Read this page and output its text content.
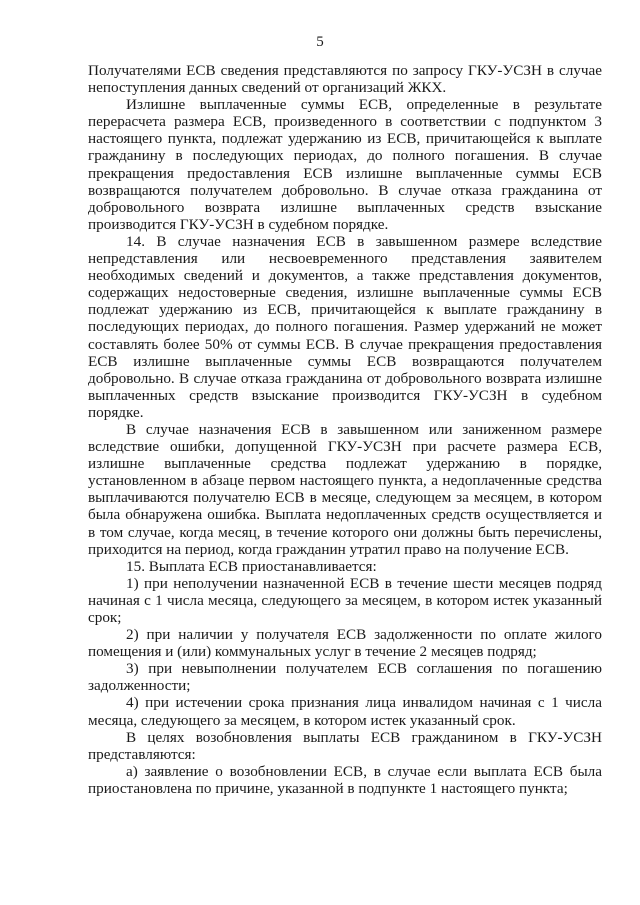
5

Получателями ЕСВ сведения представляются по запросу ГКУ-УСЗН в случае непоступления данных сведений от организаций ЖКХ.

Излишне выплаченные суммы ЕСВ, определенные в результате перерасчета размера ЕСВ, произведенного в соответствии с подпунктом 3 настоящего пункта, подлежат удержанию из ЕСВ, причитающейся к выплате гражданину в последующих периодах, до полного погашения. В случае прекращения предоставления ЕСВ излишне выплаченные суммы ЕСВ возвращаются получателем добровольно. В случае отказа гражданина от добровольного возврата излишне выплаченных средств взыскание производится ГКУ-УСЗН в судебном порядке.

14. В случае назначения ЕСВ в завышенном размере вследствие непредставления или несвоевременного представления заявителем необходимых сведений и документов, а также представления документов, содержащих недостоверные сведения, излишне выплаченные суммы ЕСВ подлежат удержанию из ЕСВ, причитающейся к выплате гражданину в последующих периодах, до полного погашения. Размер удержаний не может составлять более 50% от суммы ЕСВ. В случае прекращения предоставления ЕСВ излишне выплаченные суммы ЕСВ возвращаются получателем добровольно. В случае отказа гражданина от добровольного возврата излишне выплаченных средств взыскание производится ГКУ-УСЗН в судебном порядке.

В случае назначения ЕСВ в завышенном или заниженном размере вследствие ошибки, допущенной ГКУ-УСЗН при расчете размера ЕСВ, излишне выплаченные средства подлежат удержанию в порядке, установленном в абзаце первом настоящего пункта, а недоплаченные средства выплачиваются получателю ЕСВ в месяце, следующем за месяцем, в котором была обнаружена ошибка. Выплата недоплаченных средств осуществляется и в том случае, когда месяц, в течение которого они должны быть перечислены, приходится на период, когда гражданин утратил право на получение ЕСВ.

15. Выплата ЕСВ приостанавливается:

1) при неполучении назначенной ЕСВ в течение шести месяцев подряд начиная с 1 числа месяца, следующего за месяцем, в котором истек указанный срок;

2) при наличии у получателя ЕСВ задолженности по оплате жилого помещения и (или) коммунальных услуг в течение 2 месяцев подряд;

3) при невыполнении получателем ЕСВ соглашения по погашению задолженности;

4) при истечении срока признания лица инвалидом начиная с 1 числа месяца, следующего за месяцем, в котором истек указанный срок.

В целях возобновления выплаты ЕСВ гражданином в ГКУ-УСЗН представляются:

а) заявление о возобновлении ЕСВ, в случае если выплата ЕСВ была приостановлена по причине, указанной в подпункте 1 настоящего пункта;
